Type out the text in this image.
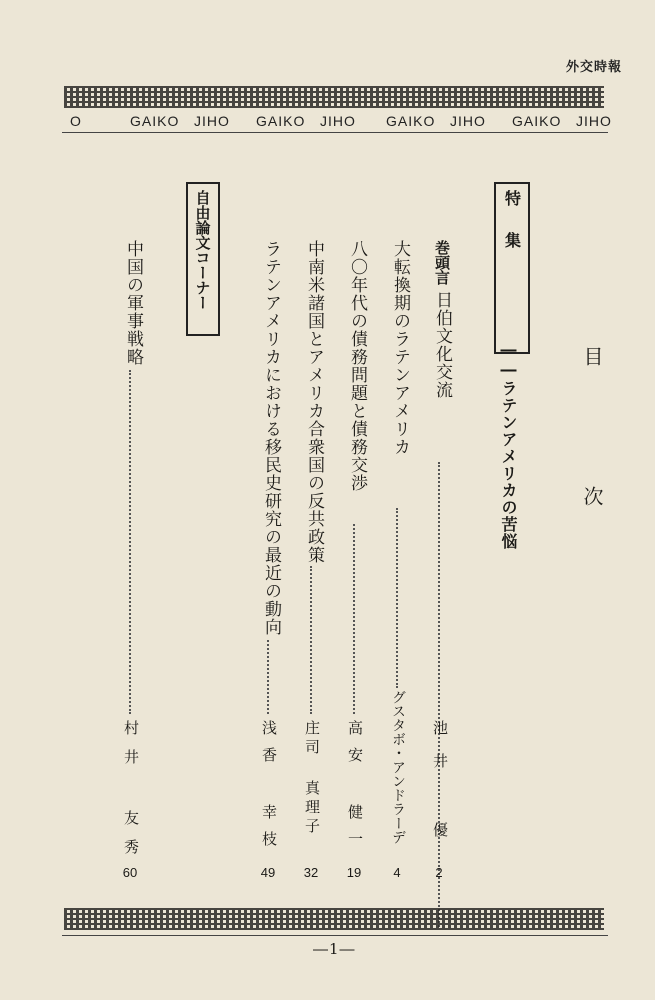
外交時報
O	GAIKO JIHO GAIKO JIHO GAIKO JIHO GAIKO JIHO
目次
特集
――ラテンアメリカの苦悩
巻頭言日伯文化交流
池井 優
2
大転換期のラテンアメリカ
グスタボ・アンドラーデ
4
八〇年代の債務問題と債務交渉
高安 健一
19
中南米諸国とアメリカ合衆国の反共政策
庄司 真理子
32
ラテンアメリカにおける移民史研究の最近の動向
浅香 幸枝
49
自由論文コーナー
中国の軍事戦略
村井 友秀
60
―1―
